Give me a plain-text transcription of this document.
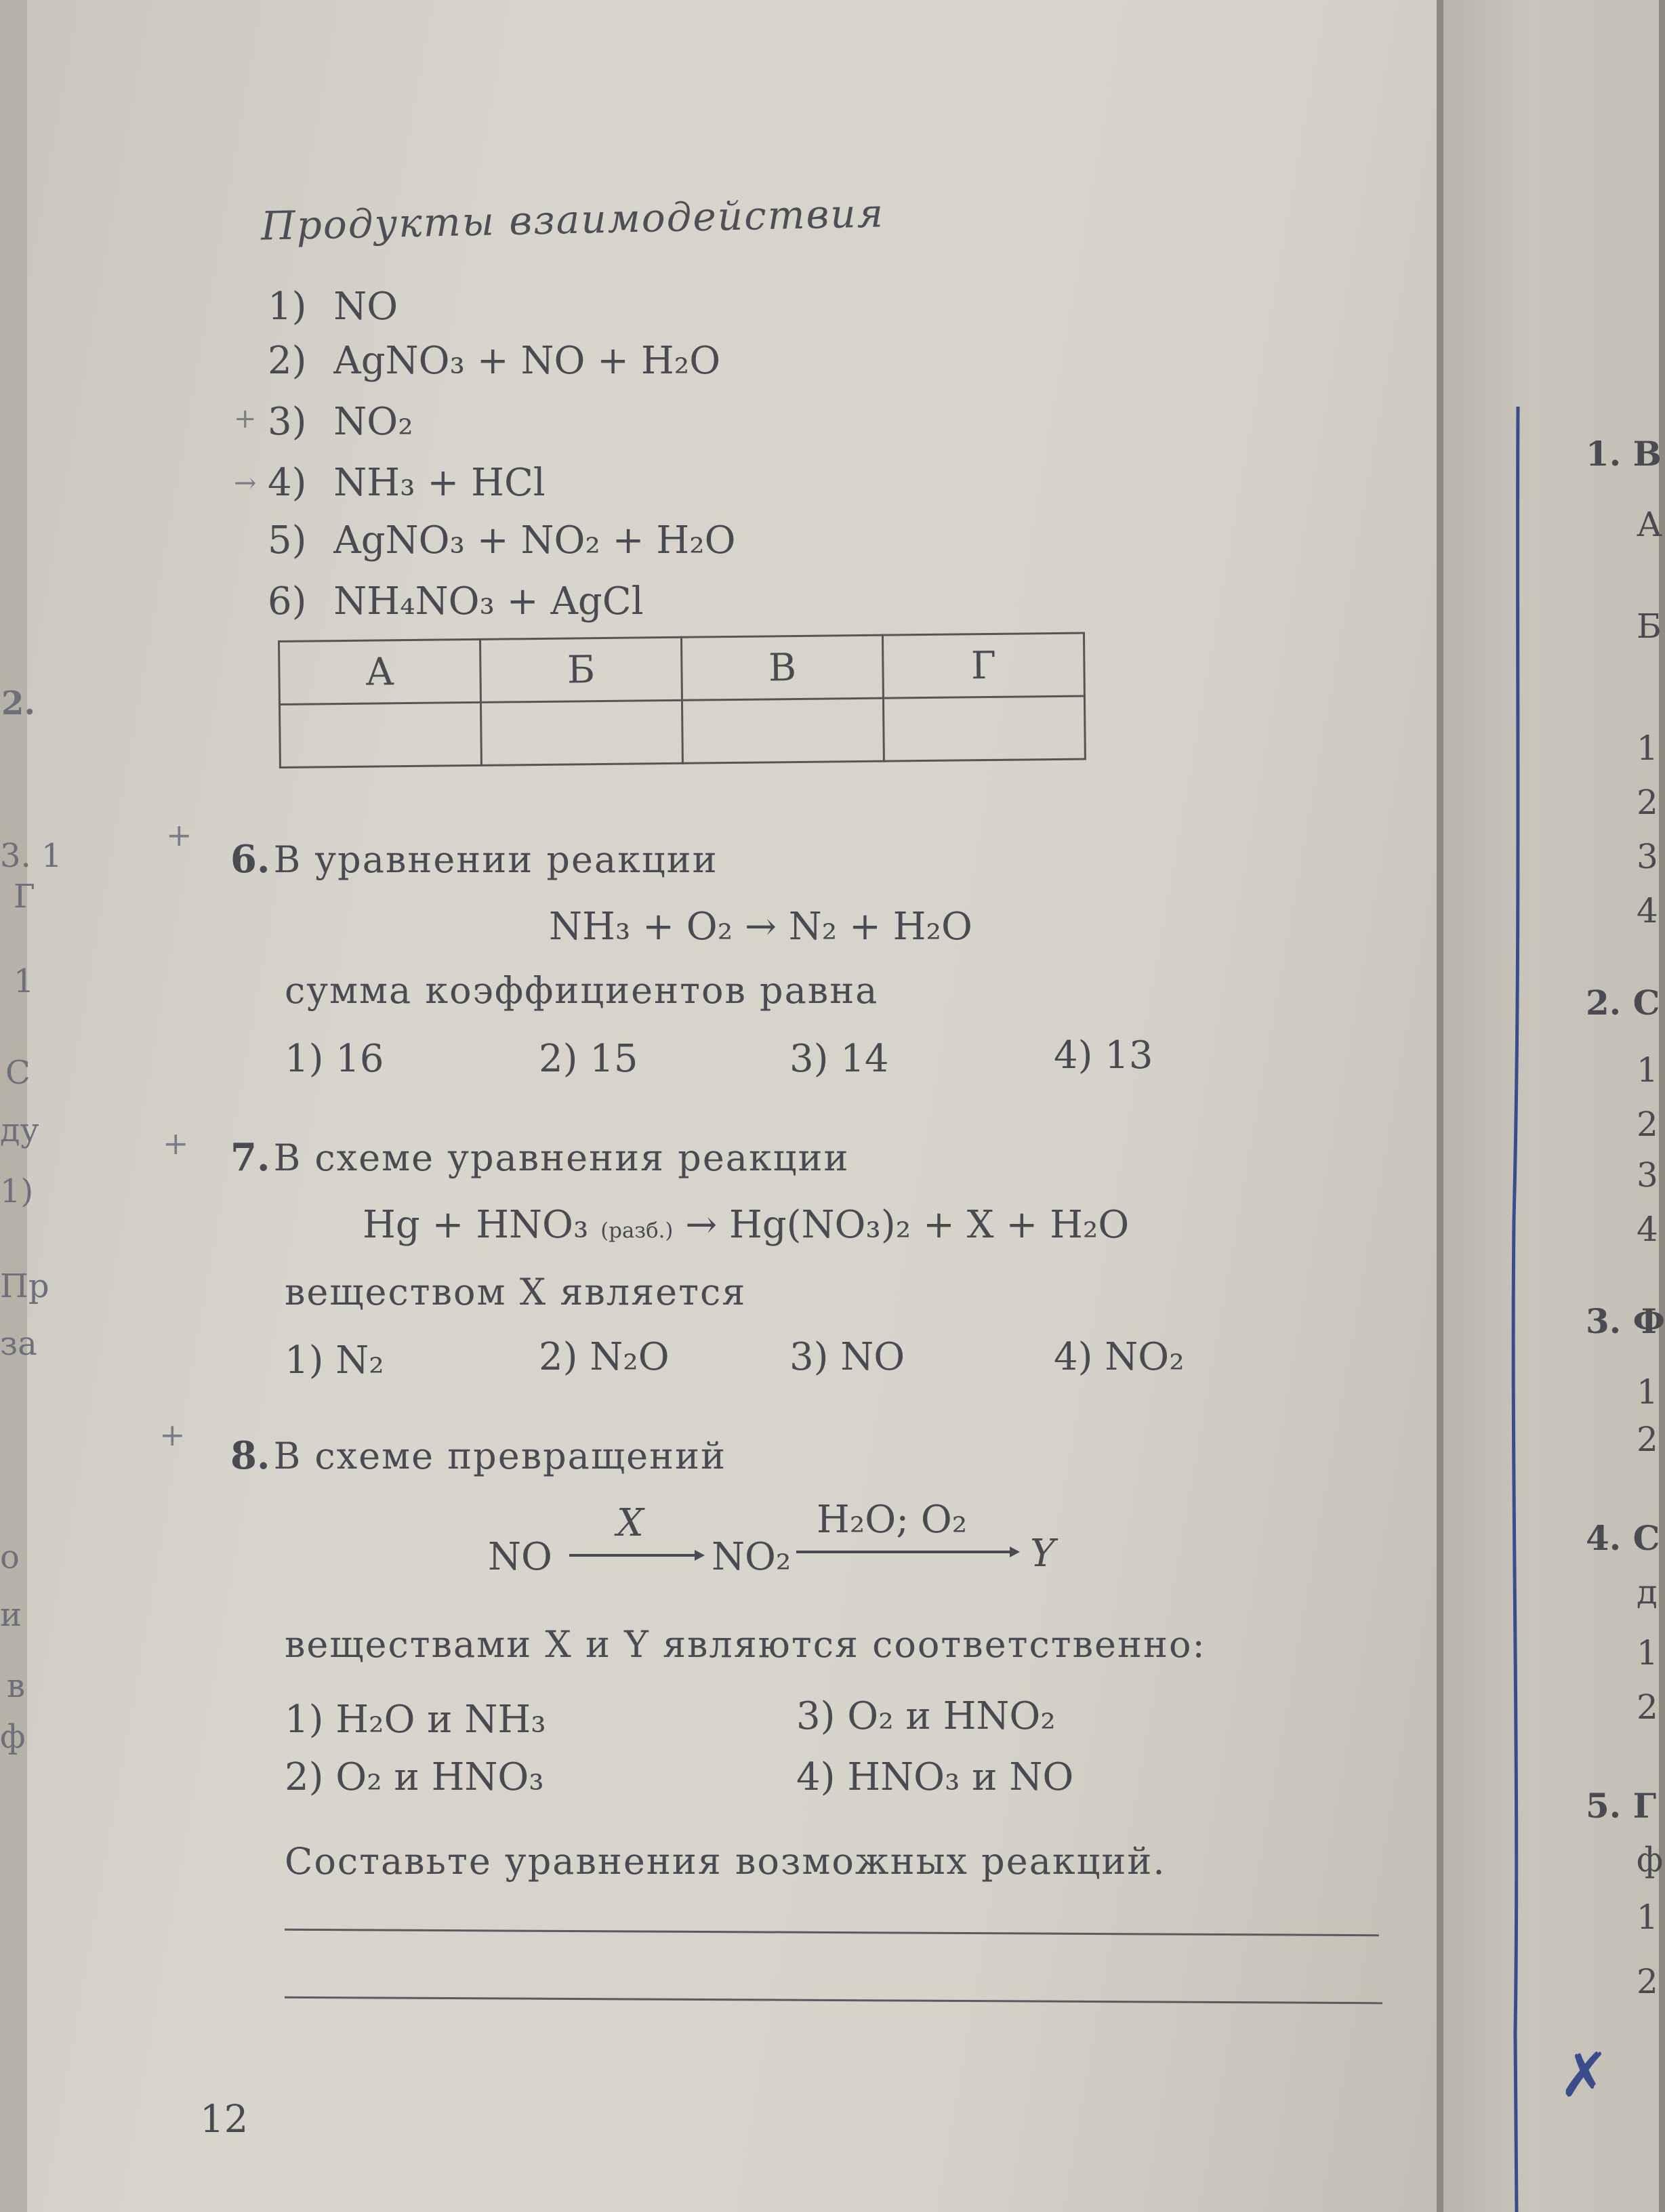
2.
3. 1
Г
1
С
ду
1)
Пр
за
о
и
в
ф
Продукты взаимодействия
1) NO
2) AgNO₃ + NO + H₂O
3) NO₂
4) NH₃ + HCl
5) AgNO₃ + NO₂ + H₂O
6) NH₄NO₃ + AgCl
+
→
А	Б	В	Г

+
6. В уравнении реакции
NH₃ + O₂ → N₂ + H₂O
сумма коэффициентов равна
1) 16	2) 15	3) 14	4) 13
+ 7. В схеме уравнения реакции
Hg + HNO₃ (разб.) → Hg(NO₃)₂ + X + H₂O
веществом X является
1) N₂	2) N₂O	3) NO	4) NO₂
+ 8. В схеме превращений
NO
X
NO₂
H₂O; O₂
Y
веществами X и Y являются соответственно:
1) H₂O и NH₃	3) O₂ и HNO₂
2) O₂ и HNO₃	4) HNO₃ и NO
Составьте уравнения возможных реакций.
12
1. В
А
Б
1
2
3
4
2. С
1
2
3
4
3. Ф
1
2
4. С
д
1
2
5. Г
ф
1
2
✗
